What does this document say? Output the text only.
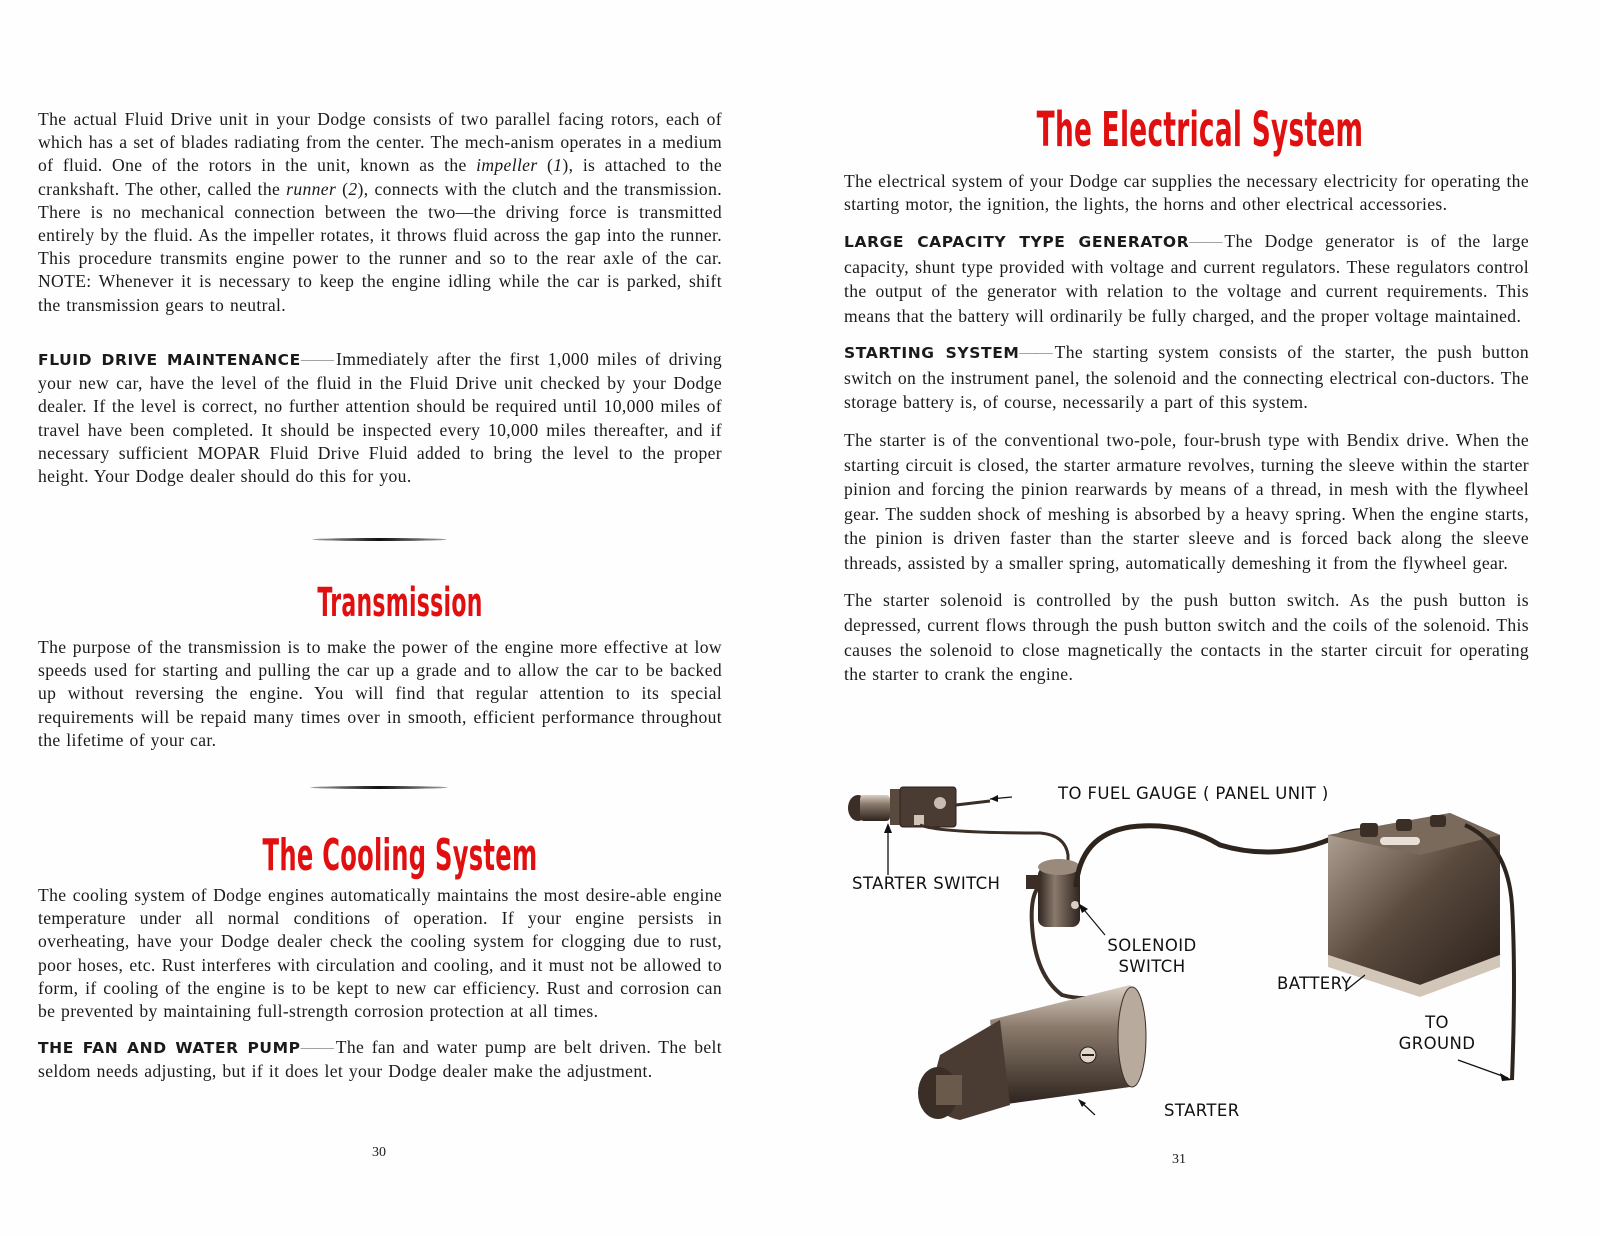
The actual Fluid Drive unit in your Dodge consists of two parallel facing rotors, each of which has a set of blades radiating from the center. The mech-anism operates in a medium of fluid. One of the rotors in the unit, known as the impeller (1), is attached to the crankshaft. The other, called the runner (2), connects with the clutch and the transmission. There is no mechanical connection between the two—the driving force is transmitted entirely by the fluid. As the impeller rotates, it throws fluid across the gap into the runner. This procedure transmits engine power to the runner and so to the rear axle of the car. NOTE: Whenever it is necessary to keep the engine idling while the car is parked, shift the transmission gears to neutral.

FLUID DRIVE MAINTENANCE—— Immediately after the first 1,000 miles of driving your new car, have the level of the fluid in the Fluid Drive unit checked by your Dodge dealer. If the level is correct, no further attention should be required until 10,000 miles of travel have been completed. It should be inspected every 10,000 miles thereafter, and if necessary sufficient MOPAR Fluid Drive Fluid added to bring the level to the proper height. Your Dodge dealer should do this for you.

Transmission

The purpose of the transmission is to make the power of the engine more effective at low speeds used for starting and pulling the car up a grade and to allow the car to be backed up without reversing the engine. You will find that regular attention to its special requirements will be repaid many times over in smooth, efficient performance throughout the lifetime of your car.

The Cooling System

The cooling system of Dodge engines automatically maintains the most desire-able engine temperature under all normal conditions of operation. If your engine persists in overheating, have your Dodge dealer check the cooling system for clogging due to rust, poor hoses, etc. Rust interferes with circulation and cooling, and it must not be allowed to form, if cooling of the engine is to be kept to new car efficiency. Rust and corrosion can be prevented by maintaining full-strength corrosion protection at all times.

THE FAN AND WATER PUMP—— The fan and water pump are belt driven. The belt seldom needs adjusting, but if it does let your Dodge dealer make the adjustment.

30
The Electrical System

The electrical system of your Dodge car supplies the necessary electricity for operating the starting motor, the ignition, the lights, the horns and other electrical accessories.

LARGE CAPACITY TYPE GENERATOR—— The Dodge generator is of the large capacity, shunt type provided with voltage and current regulators. These regulators control the output of the generator with relation to the voltage and current requirements. This means that the battery will ordinarily be fully charged, and the proper voltage maintained.

STARTING SYSTEM—— The starting system consists of the starter, the push button switch on the instrument panel, the solenoid and the connecting electrical con-ductors. The storage battery is, of course, necessarily a part of this system.

The starter is of the conventional two-pole, four-brush type with Bendix drive. When the starting circuit is closed, the starter armature revolves, turning the sleeve within the starter pinion and forcing the pinion rearwards by means of a thread, in mesh with the flywheel gear. The sudden shock of meshing is absorbed by a heavy spring. When the engine starts, the pinion is driven faster than the starter sleeve and is forced back along the sleeve threads, assisted by a smaller spring, automatically demeshing it from the flywheel gear.

The starter solenoid is controlled by the push button switch. As the push button is depressed, current flows through the push button switch and the coils of the solenoid. This causes the solenoid to close magnetically the contacts in the starter circuit for operating the starter to crank the engine.

TO FUEL GAUGE ( PANEL UNIT )
STARTER SWITCH
SOLENOID
SWITCH
BATTERY
TO
GROUND
STARTER
31
